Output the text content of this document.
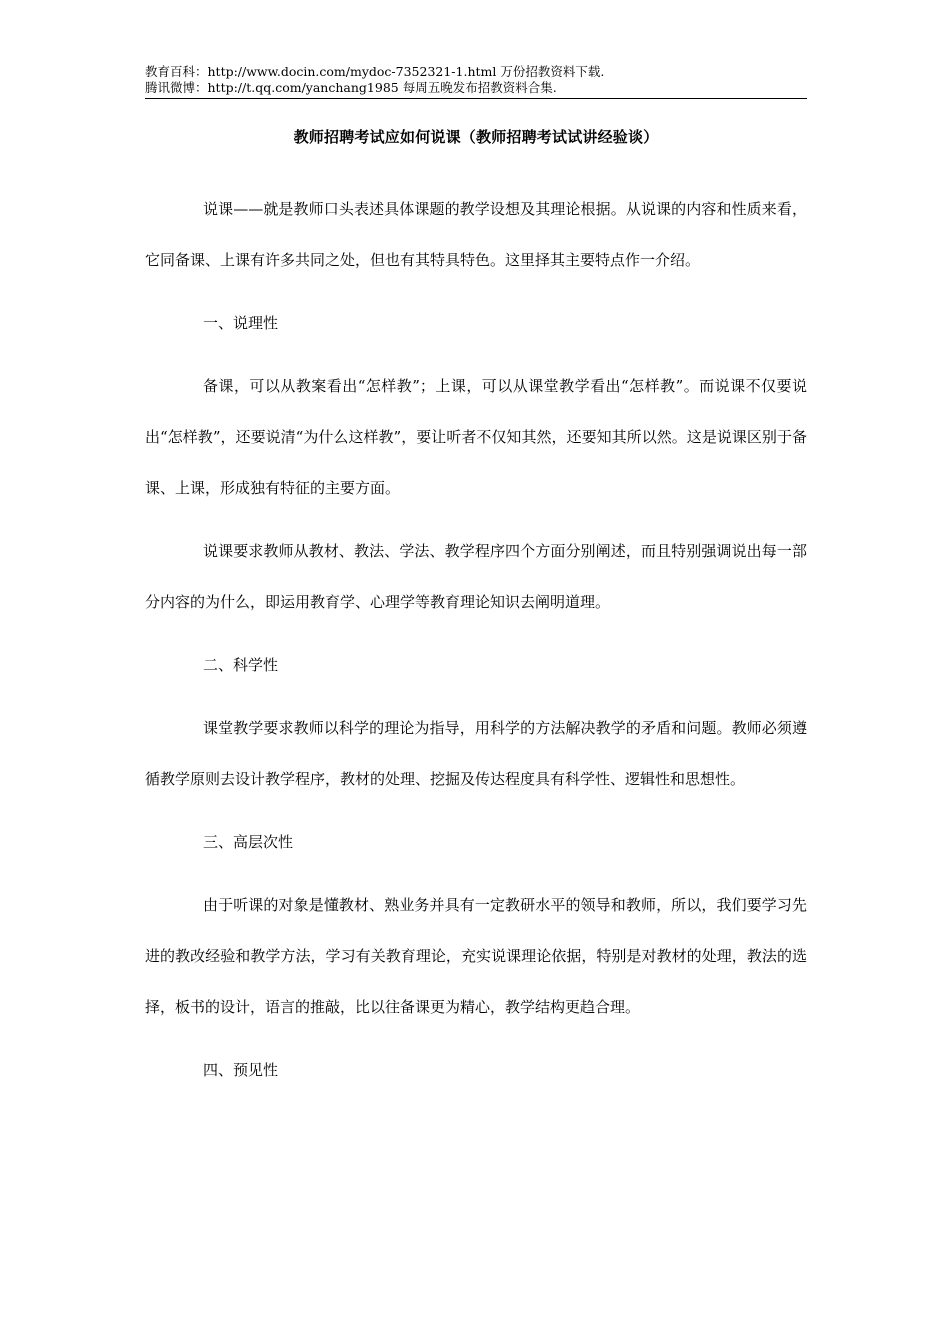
教育百科：http://www.docin.com/mydoc-7352321-1.html 万份招教资料下载.
腾讯微博：http://t.qq.com/yanchang1985 每周五晚发布招教资料合集.
教师招聘考试应如何说课（教师招聘考试试讲经验谈）

说课——就是教师口头表述具体课题的教学设想及其理论根据。从说课的内容和性质来看，它同备课、上课有许多共同之处，但也有其特具特色。这里择其主要特点作一介绍。

一、说理性

备课，可以从教案看出“怎样教”；上课，可以从课堂教学看出“怎样教”。而说课不仅要说出“怎样教”，还要说清“为什么这样教”，要让听者不仅知其然，还要知其所以然。这是说课区别于备课、上课，形成独有特征的主要方面。

说课要求教师从教材、教法、学法、教学程序四个方面分别阐述，而且特别强调说出每一部分内容的为什么，即运用教育学、心理学等教育理论知识去阐明道理。

二、科学性

课堂教学要求教师以科学的理论为指导，用科学的方法解决教学的矛盾和问题。教师必须遵循教学原则去设计教学程序，教材的处理、挖掘及传达程度具有科学性、逻辑性和思想性。

三、高层次性

由于听课的对象是懂教材、熟业务并具有一定教研水平的领导和教师，所以，我们要学习先进的教改经验和教学方法，学习有关教育理论，充实说课理论依据，特别是对教材的处理，教法的选择，板书的设计，语言的推敲，比以往备课更为精心，教学结构更趋合理。

四、预见性
